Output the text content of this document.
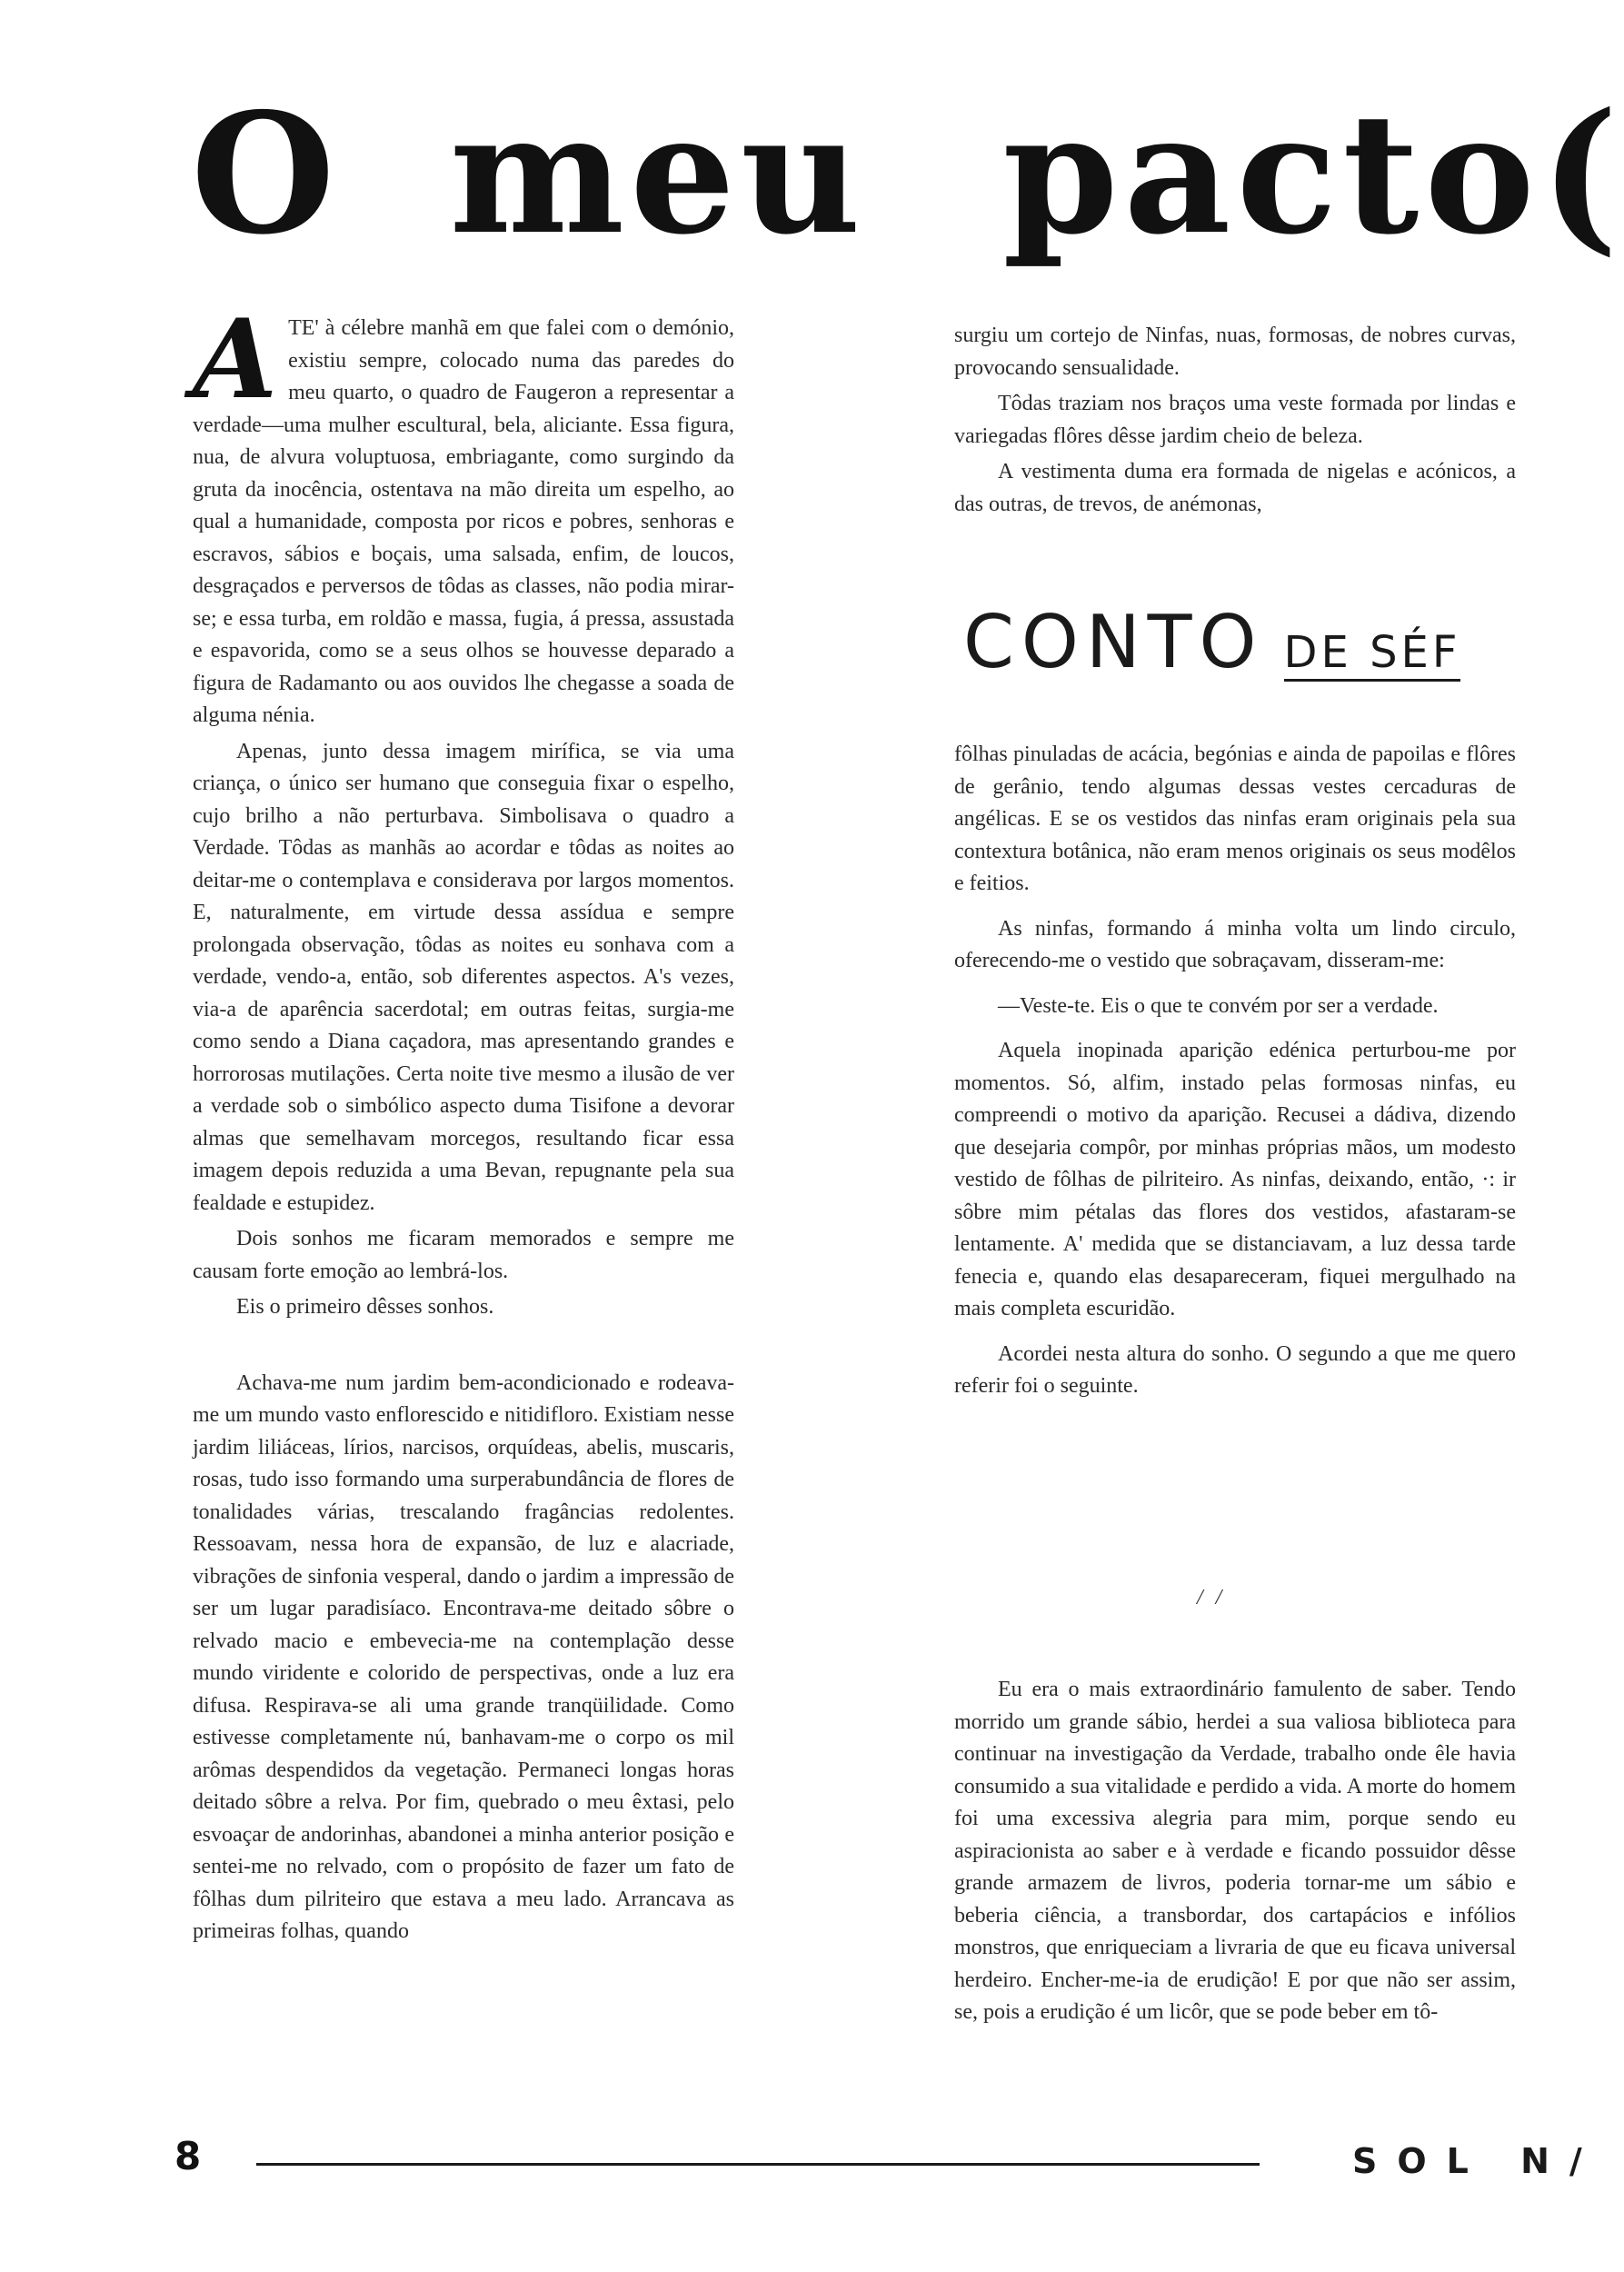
O meu pacto(

ATE' à célebre manhã em que falei com o demónio, existiu sempre, colocado numa das paredes do meu quarto, o quadro de Faugeron a representar a verdade—uma mulher escultural, bela, aliciante. Essa figura, nua, de alvura voluptuosa, embriagante, como surgindo da gruta da inocência, ostentava na mão direita um espelho, ao qual a humanidade, composta por ricos e pobres, senhoras e escravos, sábios e boçais, uma salsada, enfim, de loucos, desgraçados e perversos de tôdas as classes, não podia mirar-se; e essa turba, em roldão e massa, fugia, á pressa, assustada e espavorida, como se a seus olhos se houvesse deparado a figura de Radamanto ou aos ouvidos lhe chegasse a soada de alguma nénia.

Apenas, junto dessa imagem mirífica, se via uma criança, o único ser humano que conseguia fixar o espelho, cujo brilho a não perturbava. Simbolisava o quadro a Verdade. Tôdas as manhãs ao acordar e tôdas as noites ao deitar-me o contemplava e considerava por largos momentos. E, naturalmente, em virtude dessa assídua e sempre prolongada observação, tôdas as noites eu sonhava com a verdade, vendo-a, então, sob diferentes aspectos. A's vezes, via-a de aparência sacerdotal; em outras feitas, surgia-me como sendo a Diana caçadora, mas apresentando grandes e horrorosas mutilações. Certa noite tive mesmo a ilusão de ver a verdade sob o simbólico aspecto duma Tisifone a devorar almas que semelhavam morcegos, resultando ficar essa imagem depois reduzida a uma Bevan, repugnante pela sua fealdade e estupidez.

Dois sonhos me ficaram memorados e sempre me causam forte emoção ao lembrá-los.

Eis o primeiro dêsses sonhos.

Achava-me num jardim bem-acondicionado e rodeava-me um mundo vasto enflorescido e nitidifloro. Existiam nesse jardim liliáceas, lírios, narcisos, orquídeas, abelis, muscaris, rosas, tudo isso formando uma surperabundância de flores de tonalidades várias, trescalando fragâncias redolentes. Ressoavam, nessa hora de expansão, de luz e alacriade, vibrações de sinfonia vesperal, dando o jardim a impressão de ser um lugar paradisíaco. Encontrava-me deitado sôbre o relvado macio e embevecia-me na contemplação desse mundo viridente e colorido de perspectivas, onde a luz era difusa. Respirava-se ali uma grande tranqüilidade. Como estivesse completamente nú, banhavam-me o corpo os mil arômas despendidos da vegetação. Permaneci longas horas deitado sôbre a relva. Por fim, quebrado o meu êxtasi, pelo esvoaçar de andorinhas, abandonei a minha anterior posição e sentei-me no relvado, com o propósito de fazer um fato de fôlhas dum pilriteiro que estava a meu lado. Arrancava as primeiras folhas, quando

surgiu um cortejo de Ninfas, nuas, formosas, de nobres curvas, provocando sensualidade.

Tôdas traziam nos braços uma veste formada por lindas e variegadas flôres dêsse jardim cheio de beleza.

A vestimenta duma era formada de nigelas e acónicos, a das outras, de trevos, de anémonas,

fôlhas pinuladas de acácia, begónias e ainda de papoilas e flôres de gerânio, tendo algumas dessas vestes cercaduras de angélicas. E se os vestidos das ninfas eram originais pela sua contextura botânica, não eram menos originais os seus modêlos e feitios.

As ninfas, formando á minha volta um lindo circulo, oferecendo-me o vestido que sobraçavam, disseram-me:

—Veste-te. Eis o que te convém por ser a verdade.

Aquela inopinada aparição edénica perturbou-me por momentos. Só, alfim, instado pelas formosas ninfas, eu compreendi o motivo da aparição. Recusei a dádiva, dizendo que desejaria compôr, por minhas próprias mãos, um modesto vestido de fôlhas de pilriteiro. As ninfas, deixando, então, ·: ir sôbre mim pétalas das flores dos vestidos, afastaram-se lentamente. A' medida que se distanciavam, a luz dessa tarde fenecia e, quando elas desapareceram, fiquei mergulhado na mais completa escuridão.

Acordei nesta altura do sonho. O segundo a que me quero referir foi o seguinte.

CONTO DE SÉF
/ /

Eu era o mais extraordinário famulento de saber. Tendo morrido um grande sábio, herdei a sua valiosa biblioteca para continuar na investigação da Verdade, trabalho onde êle havia consumido a sua vitalidade e perdido a vida. A morte do homem foi uma excessiva alegria para mim, porque sendo eu aspiracionista ao saber e à verdade e ficando possuidor dêsse grande armazem de livros, poderia tornar-me um sábio e beberia ciência, a transbordar, dos cartapácios e infólios monstros, que enriqueciam a livraria de que eu ficava universal herdeiro. Encher-me-ia de erudição! E por que não ser assim, se, pois a erudição é um licôr, que se pode beber em tô-

8	SOL N/
